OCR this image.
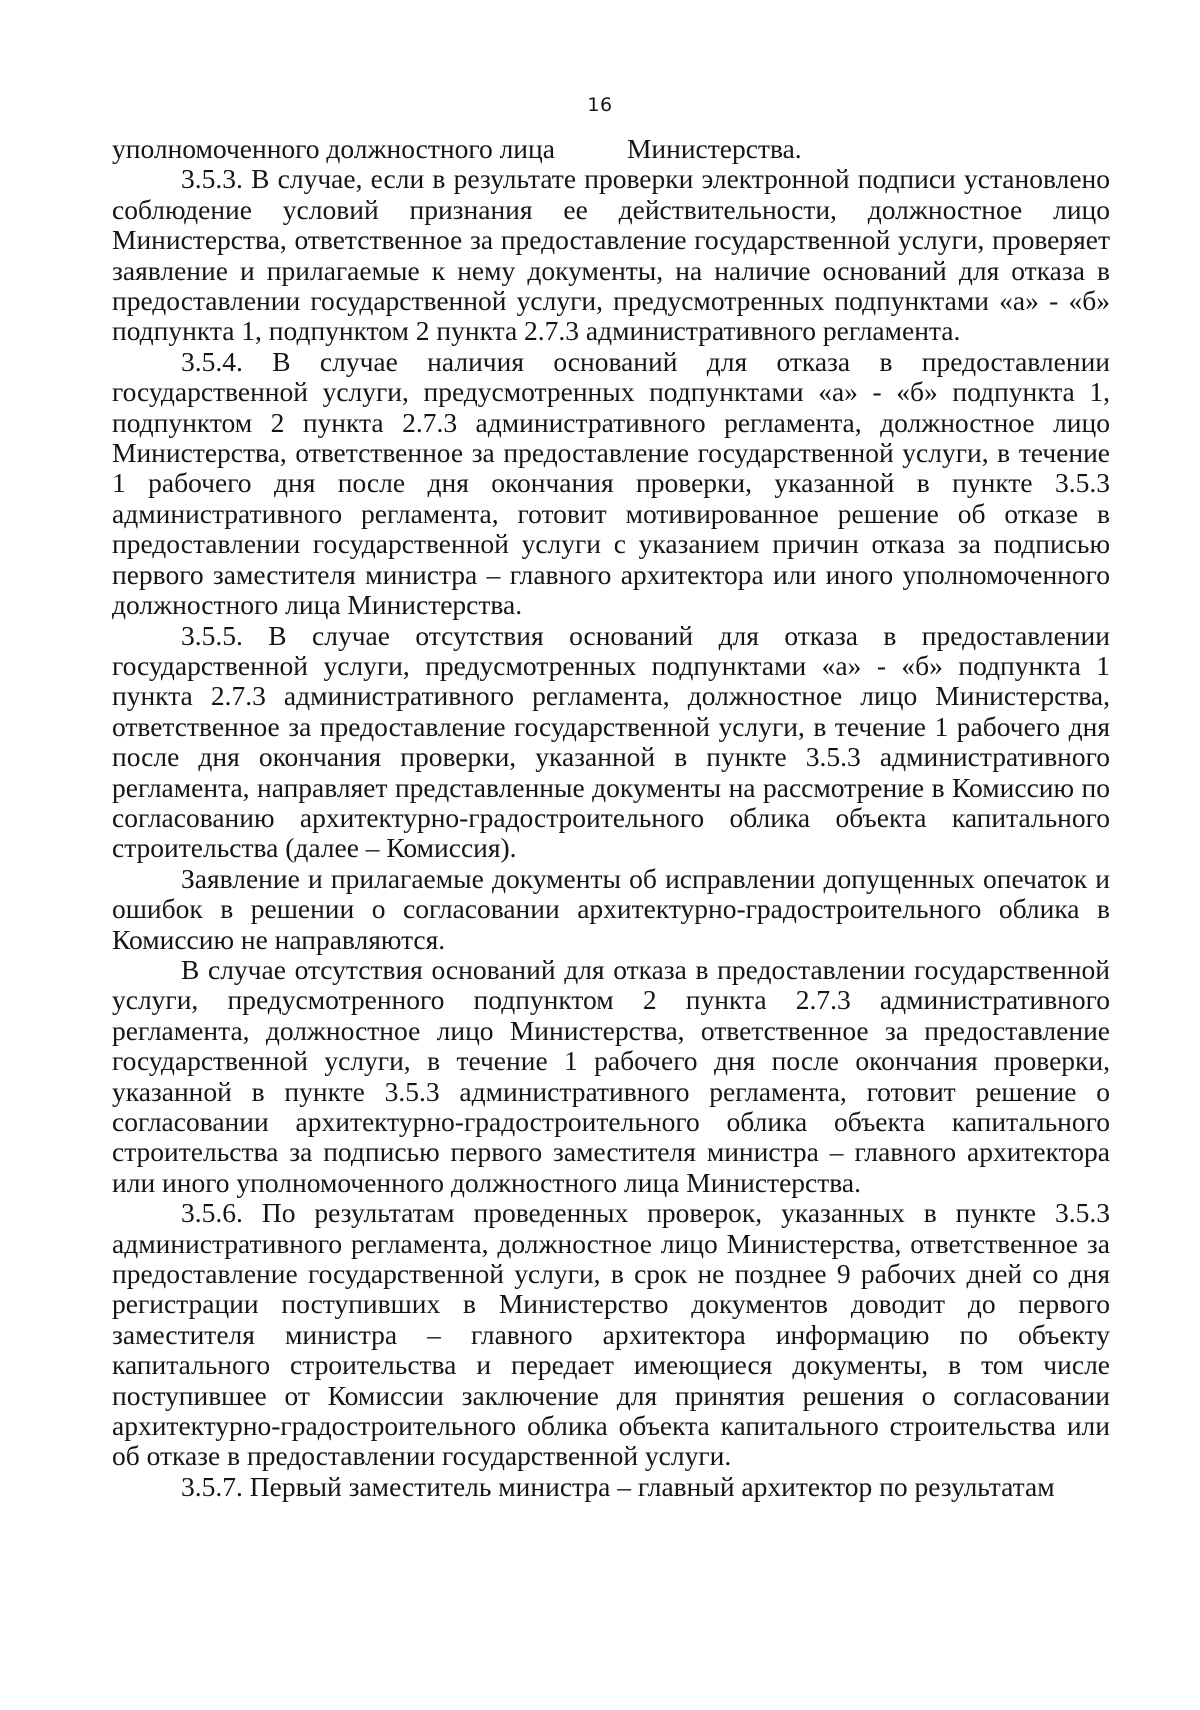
16

уполномоченного должностного лица	Министерства.

3.5.3. В случае, если в результате проверки электронной подписи установлено соблюдение условий признания ее действительности, должностное лицо Министерства, ответственное за предоставление государственной услуги, проверяет заявление и прилагаемые к нему документы, на наличие оснований для отказа в предоставлении государственной услуги, предусмотренных подпунктами «а» - «б» подпункта 1, подпунктом 2 пункта 2.7.3 административного регламента.

3.5.4. В случае наличия оснований для отказа в предоставлении государственной услуги, предусмотренных подпунктами «а» - «б» подпункта 1, подпунктом 2 пункта 2.7.3 административного регламента, должностное лицо Министерства, ответственное за предоставление государственной услуги, в течение 1 рабочего дня после дня окончания проверки, указанной в пункте 3.5.3 административного регламента, готовит мотивированное решение об отказе в предоставлении государственной услуги с указанием причин отказа за подписью первого заместителя министра – главного архитектора или иного уполномоченного должностного лица Министерства.

3.5.5. В случае отсутствия оснований для отказа в предоставлении государственной услуги, предусмотренных подпунктами «а» - «б» подпункта 1 пункта 2.7.3 административного регламента, должностное лицо Министерства, ответственное за предоставление государственной услуги, в течение 1 рабочего дня после дня окончания проверки, указанной в пункте 3.5.3 административного регламента, направляет представленные документы на рассмотрение в Комиссию по согласованию архитектурно-градостроительного облика объекта капитального строительства (далее – Комиссия).

Заявление и прилагаемые документы об исправлении допущенных опечаток и ошибок в решении о согласовании архитектурно-градостроительного облика в Комиссию не направляются.

В случае отсутствия оснований для отказа в предоставлении государственной услуги, предусмотренного подпунктом 2 пункта 2.7.3 административного регламента, должностное лицо Министерства, ответственное за предоставление государственной услуги, в течение 1 рабочего дня после окончания проверки, указанной в пункте 3.5.3 административного регламента, готовит решение о согласовании архитектурно-градостроительного облика объекта капитального строительства за подписью первого заместителя министра – главного архитектора или иного уполномоченного должностного лица Министерства.

3.5.6. По результатам проведенных проверок, указанных в пункте 3.5.3 административного регламента, должностное лицо Министерства, ответственное за предоставление государственной услуги, в срок не позднее 9 рабочих дней со дня регистрации поступивших в Министерство документов доводит до первого заместителя министра – главного архитектора информацию по объекту капитального строительства и передает имеющиеся документы, в том числе поступившее от Комиссии заключение для принятия решения о согласовании архитектурно-градостроительного облика объекта капитального строительства или об отказе в предоставлении государственной услуги.

3.5.7. Первый заместитель министра – главный архитектор по результатам
